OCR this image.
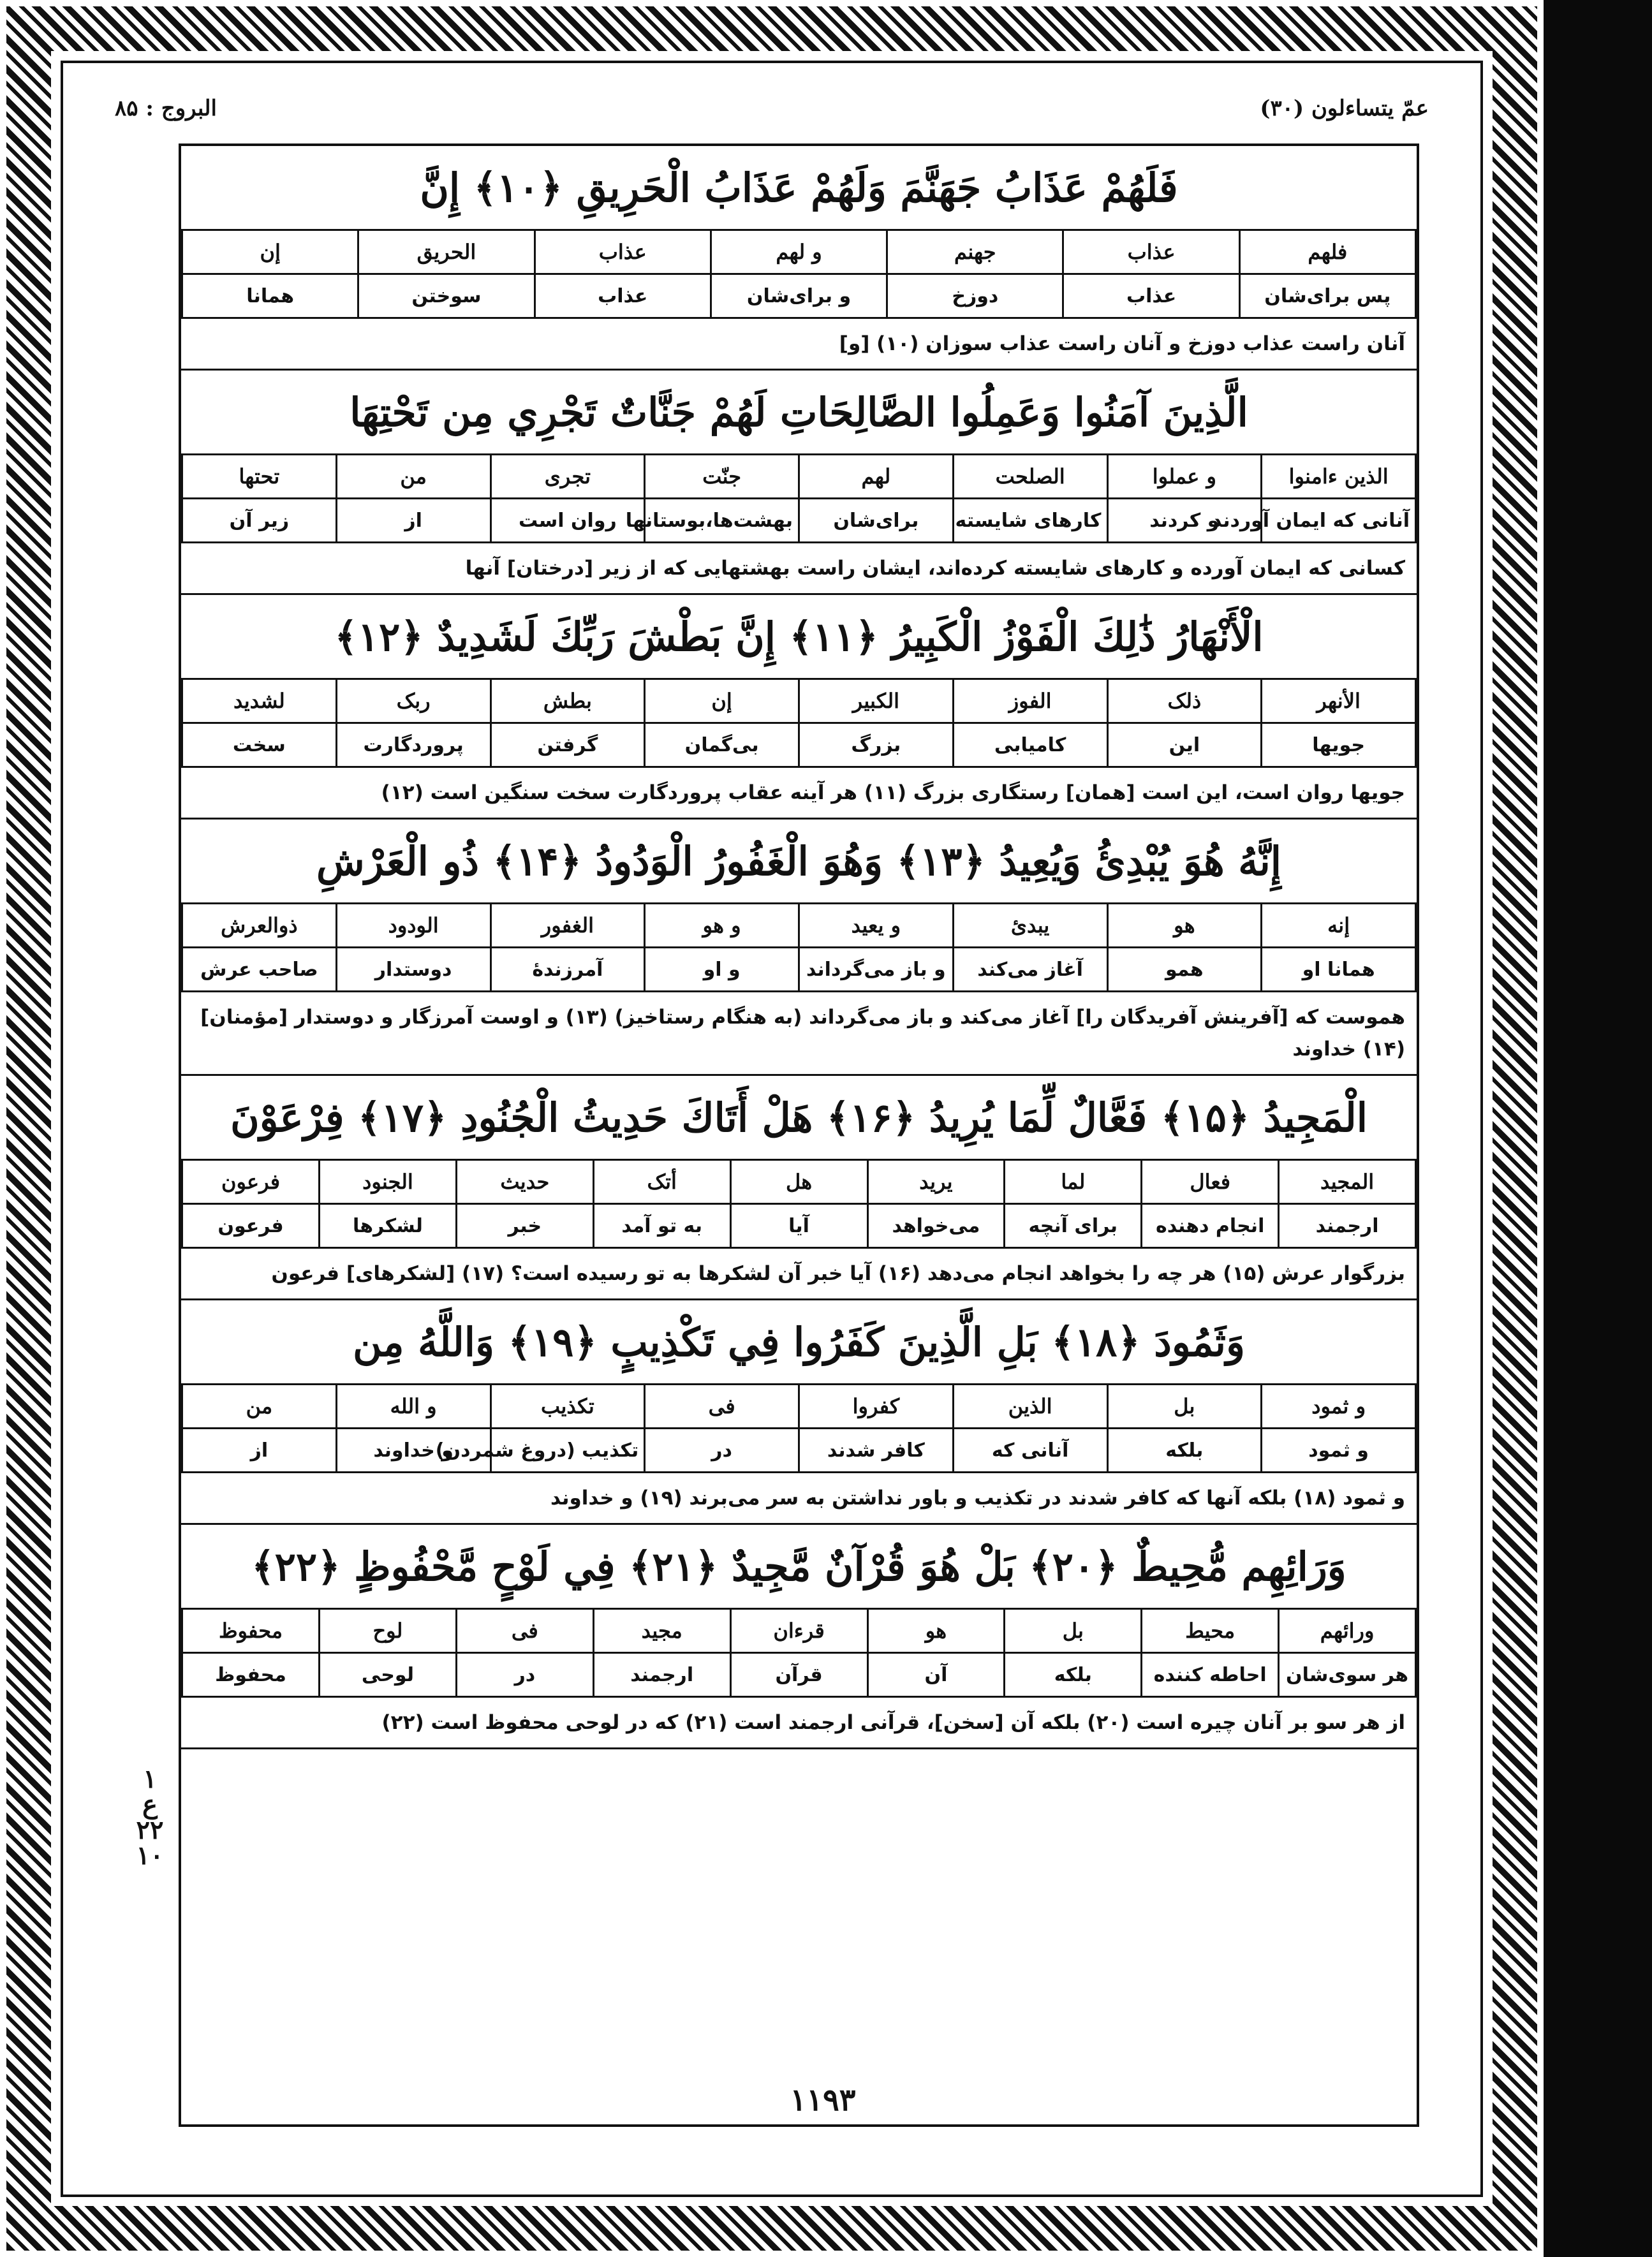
عمّ یتساءلون (۳۰)
البروج : ۸۵
فَلَهُمْ عَذَابُ جَهَنَّمَ وَلَهُمْ عَذَابُ الْحَرِيقِ ﴿۱۰﴾ إِنَّ
فلهم	عذاب	جهنم	و لهم	عذاب	الحريق	إن
پس برای‌شان	عذاب	دوزخ	و برای‌شان	عذاب	سوختن	همانا
آنان راست عذاب دوزخ و آنان راست عذاب سوزان (۱۰) [و]
الَّذِينَ آمَنُوا وَعَمِلُوا الصَّالِحَاتِ لَهُمْ جَنَّاتٌ تَجْرِي مِن تَحْتِهَا
الذین ءامنوا	و عملوا	الصلحت	لهم	جنّت	تجری	من	تحتها
آنانی که ایمان آوردند	و کردند	کارهای شایسته	برای‌شان	بهشت‌ها،بوستانها	روان است	از	زیر آن
کسانی که ایمان آورده و کارهای شایسته کرده‌اند، ایشان راست بهشتهایی که از زیر [درختان] آنها
الْأَنْهَارُ ذَٰلِكَ الْفَوْزُ الْكَبِيرُ ﴿۱۱﴾ إِنَّ بَطْشَ رَبِّكَ لَشَدِيدٌ ﴿۱۲﴾
الأنهر	ذلک	الفوز	الکبیر	إن	بطش	ربک	لشدید
جویها	این	کامیابی	بزرگ	بی‌گمان	گرفتن	پروردگارت	سخت
جویها روان است، این است [همان] رستگاری بزرگ (۱۱) هر آینه عقاب پروردگارت سخت سنگین است (۱۲)
إِنَّهُ هُوَ يُبْدِئُ وَيُعِيدُ ﴿۱۳﴾ وَهُوَ الْغَفُورُ الْوَدُودُ ﴿۱۴﴾ ذُو الْعَرْشِ
إنه	هو	یبدئ	و یعید	و هو	الغفور	الودود	ذوالعرش
همانا او	همو	آغاز می‌کند	و باز می‌گرداند	و او	آمرزندهٔ	دوستدار	صاحب عرش
هموست که [آفرینش آفریدگان را] آغاز می‌کند و باز می‌گرداند (به هنگام رستاخیز) (۱۳) و اوست آمرزگار و دوستدار [مؤمنان] (۱۴) خداوند
الْمَجِيدُ ﴿۱۵﴾ فَعَّالٌ لِّمَا يُرِيدُ ﴿۱۶﴾ هَلْ أَتَاكَ حَدِيثُ الْجُنُودِ ﴿۱۷﴾ فِرْعَوْنَ
المجید	فعال	لما	یرید	هل	أتک	حدیث	الجنود	فرعون
ارجمند	انجام دهنده	برای آنچه	می‌خواهد	آیا	به تو آمد	خبر	لشکرها	فرعون
بزرگوار عرش (۱۵) هر چه را بخواهد انجام می‌دهد (۱۶) آیا خبر آن لشکرها به تو رسیده است؟ (۱۷) [لشکرهای] فرعون
وَثَمُودَ ﴿۱۸﴾ بَلِ الَّذِينَ كَفَرُوا فِي تَكْذِيبٍ ﴿۱۹﴾ وَاللَّهُ مِن
و ثمود	بل	الذین	کفروا	فی	تکذیب	و الله	من
و ثمود	بلکه	آنانی که	کافر شدند	در	تکذیب (دروغ شمردن)	و خداوند	از
و ثمود (۱۸) بلکه آنها که کافر شدند در تکذیب و باور نداشتن به سر می‌برند (۱۹) و خداوند
وَرَائِهِم مُّحِيطٌ ﴿۲۰﴾ بَلْ هُوَ قُرْآنٌ مَّجِيدٌ ﴿۲۱﴾ فِي لَوْحٍ مَّحْفُوظٍ ﴿۲۲﴾
ورائهم	محیط	بل	هو	قرءان	مجید	فی	لوح	محفوظ
هر سوی‌شان	احاطه کننده	بلکه	آن	قرآن	ارجمند	در	لوحی	محفوظ
از هر سو بر آنان چیره است (۲۰) بلکه آن [سخن]، قرآنی ارجمند است (۲۱) که در لوحی محفوظ است (۲۲)
۱
ع
۲۲
۱۰
۱۱۹۳
